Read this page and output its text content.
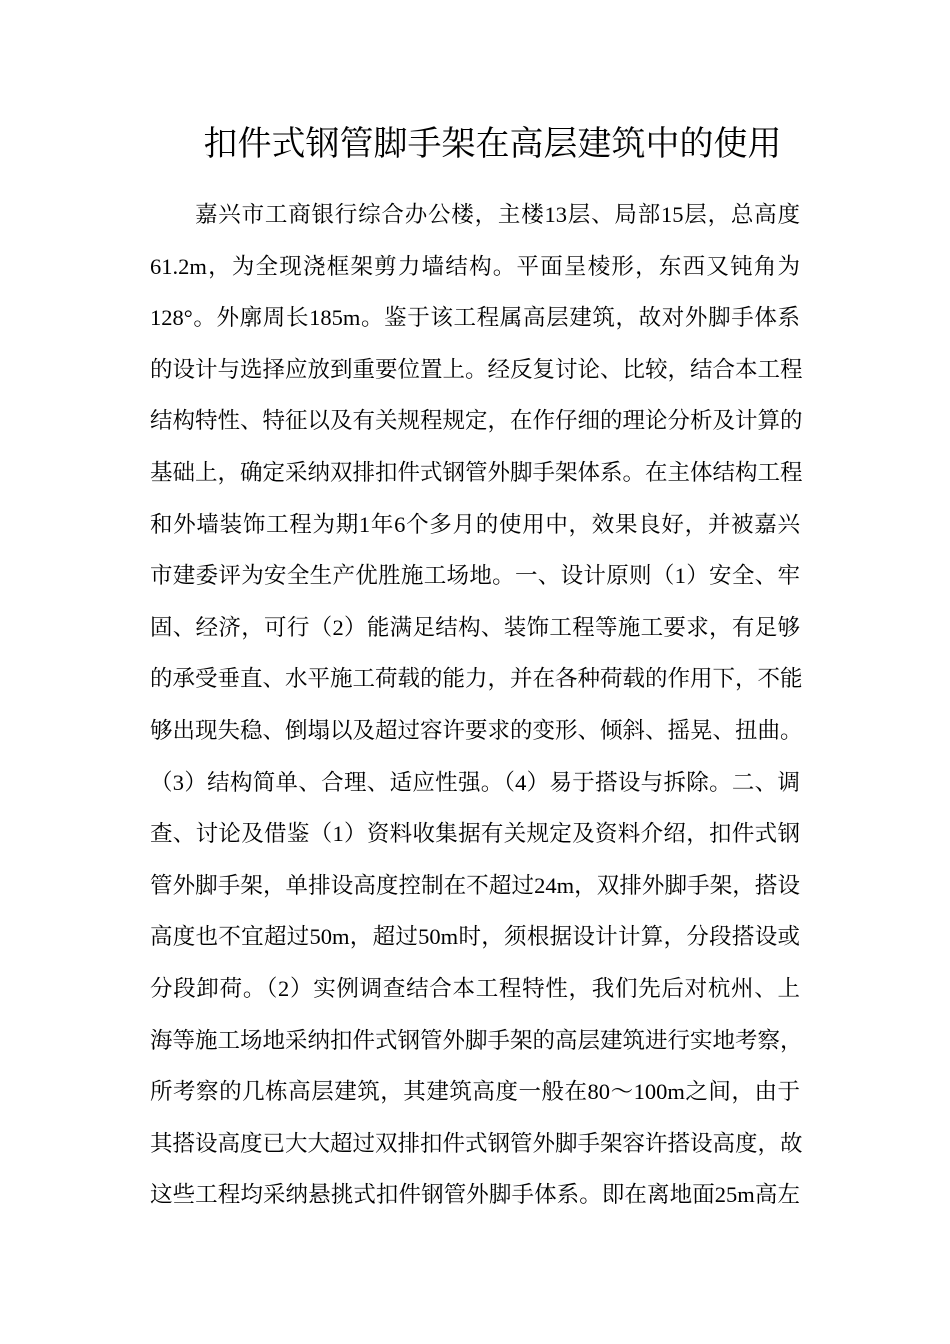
扣件式钢管脚手架在高层建筑中的使用
嘉兴市工商银行综合办公楼，主楼13层、局部15层，总高度
61.2m，为全现浇框架剪力墙结构。平面呈棱形，东西又钝角为
128°。外廓周长185m。鉴于该工程属高层建筑，故对外脚手体系
的设计与选择应放到重要位置上。经反复讨论、比较，结合本工程
结构特性、特征以及有关规程规定，在作仔细的理论分析及计算的
基础上，确定采纳双排扣件式钢管外脚手架体系。在主体结构工程
和外墙装饰工程为期1年6个多月的使用中，效果良好，并被嘉兴
市建委评为安全生产优胜施工场地。一、设计原则（1）安全、牢
固、经济，可行（2）能满足结构、装饰工程等施工要求，有足够
的承受垂直、水平施工荷载的能力，并在各种荷载的作用下，不能
够出现失稳、倒塌以及超过容许要求的变形、倾斜、摇晃、扭曲。
（3）结构简单、合理、适应性强。（4）易于搭设与拆除。二、调
查、讨论及借鉴（1）资料收集据有关规定及资料介绍，扣件式钢
管外脚手架，单排设高度控制在不超过24m，双排外脚手架，搭设
高度也不宜超过50m，超过50m时，须根据设计计算，分段搭设或
分段卸荷。（2）实例调查结合本工程特性，我们先后对杭州、上
海等施工场地采纳扣件式钢管外脚手架的高层建筑进行实地考察，
所考察的几栋高层建筑，其建筑高度一般在80～100m之间，由于
其搭设高度已大大超过双排扣件式钢管外脚手架容许搭设高度，故
这些工程均采纳悬挑式扣件钢管外脚手体系。即在离地面25m高左
